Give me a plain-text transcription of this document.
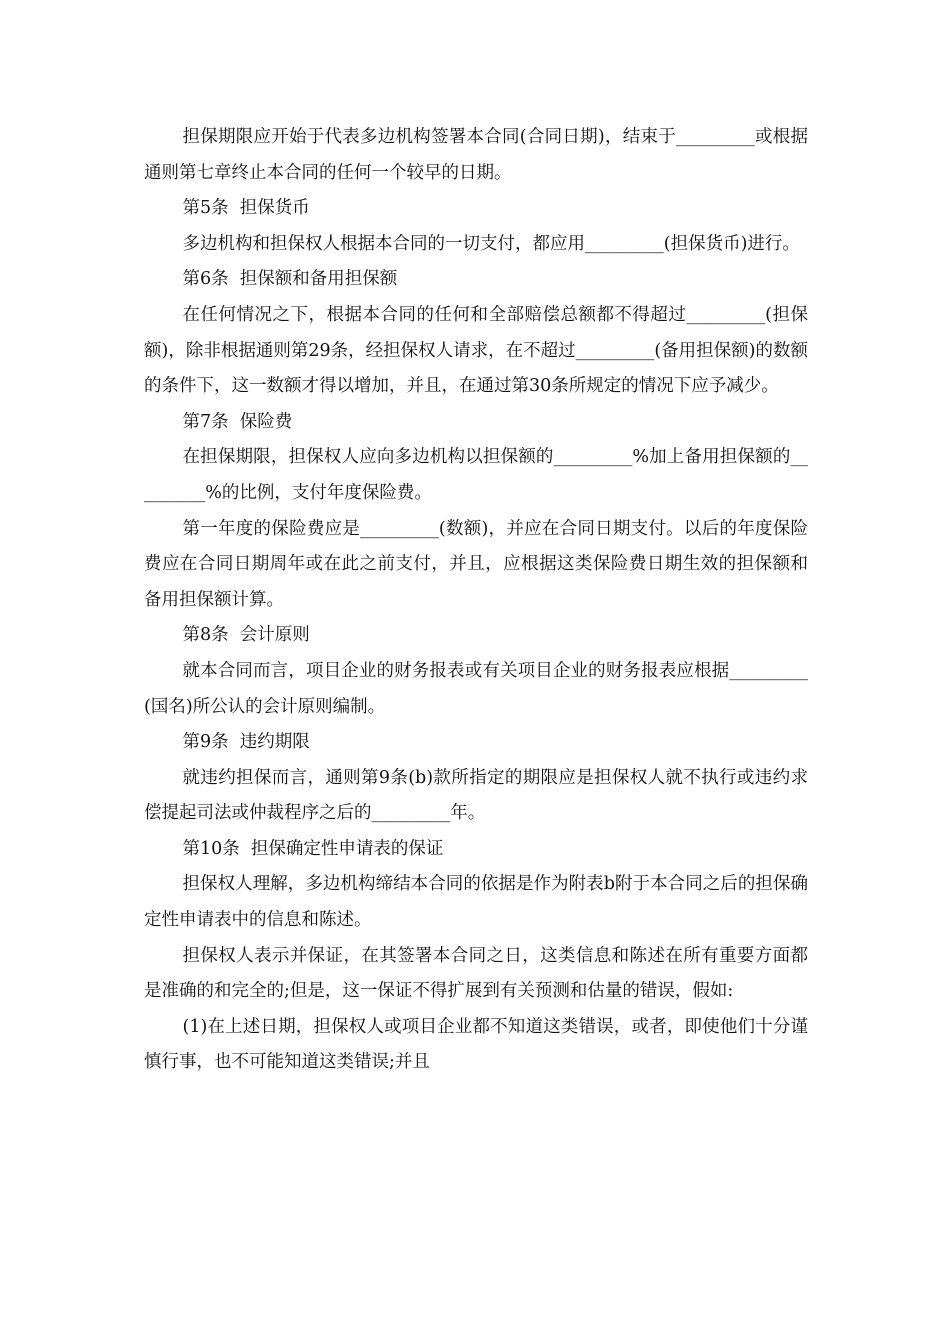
担保期限应开始于代表多边机构签署本合同(合同日期)，结束于_________或根据通则第七章终止本合同的任何一个较早的日期。

第5条  担保货币

多边机构和担保权人根据本合同的一切支付，都应用_________(担保货币)进行。

第6条  担保额和备用担保额

在任何情况之下，根据本合同的任何和全部赔偿总额都不得超过_________(担保额)，除非根据通则第29条，经担保权人请求，在不超过_________(备用担保额)的数额的条件下，这一数额才得以增加，并且，在通过第30条所规定的情况下应予减少。

第7条  保险费

在担保期限，担保权人应向多边机构以担保额的_________%加上备用担保额的_________%的比例，支付年度保险费。

第一年度的保险费应是_________(数额)，并应在合同日期支付。以后的年度保险费应在合同日期周年或在此之前支付，并且，应根据这类保险费日期生效的担保额和备用担保额计算。

第8条  会计原则

就本合同而言，项目企业的财务报表或有关项目企业的财务报表应根据_________(国名)所公认的会计原则编制。

第9条  违约期限

就违约担保而言，通则第9条(b)款所指定的期限应是担保权人就不执行或违约求偿提起司法或仲裁程序之后的_________年。

第10条  担保确定性申请表的保证

担保权人理解，多边机构缔结本合同的依据是作为附表b附于本合同之后的担保确定性申请表中的信息和陈述。

担保权人表示并保证，在其签署本合同之日，这类信息和陈述在所有重要方面都是准确的和完全的;但是，这一保证不得扩展到有关预测和估量的错误，假如:

(1)在上述日期，担保权人或项目企业都不知道这类错误，或者，即使他们十分谨慎行事，也不可能知道这类错误;并且
